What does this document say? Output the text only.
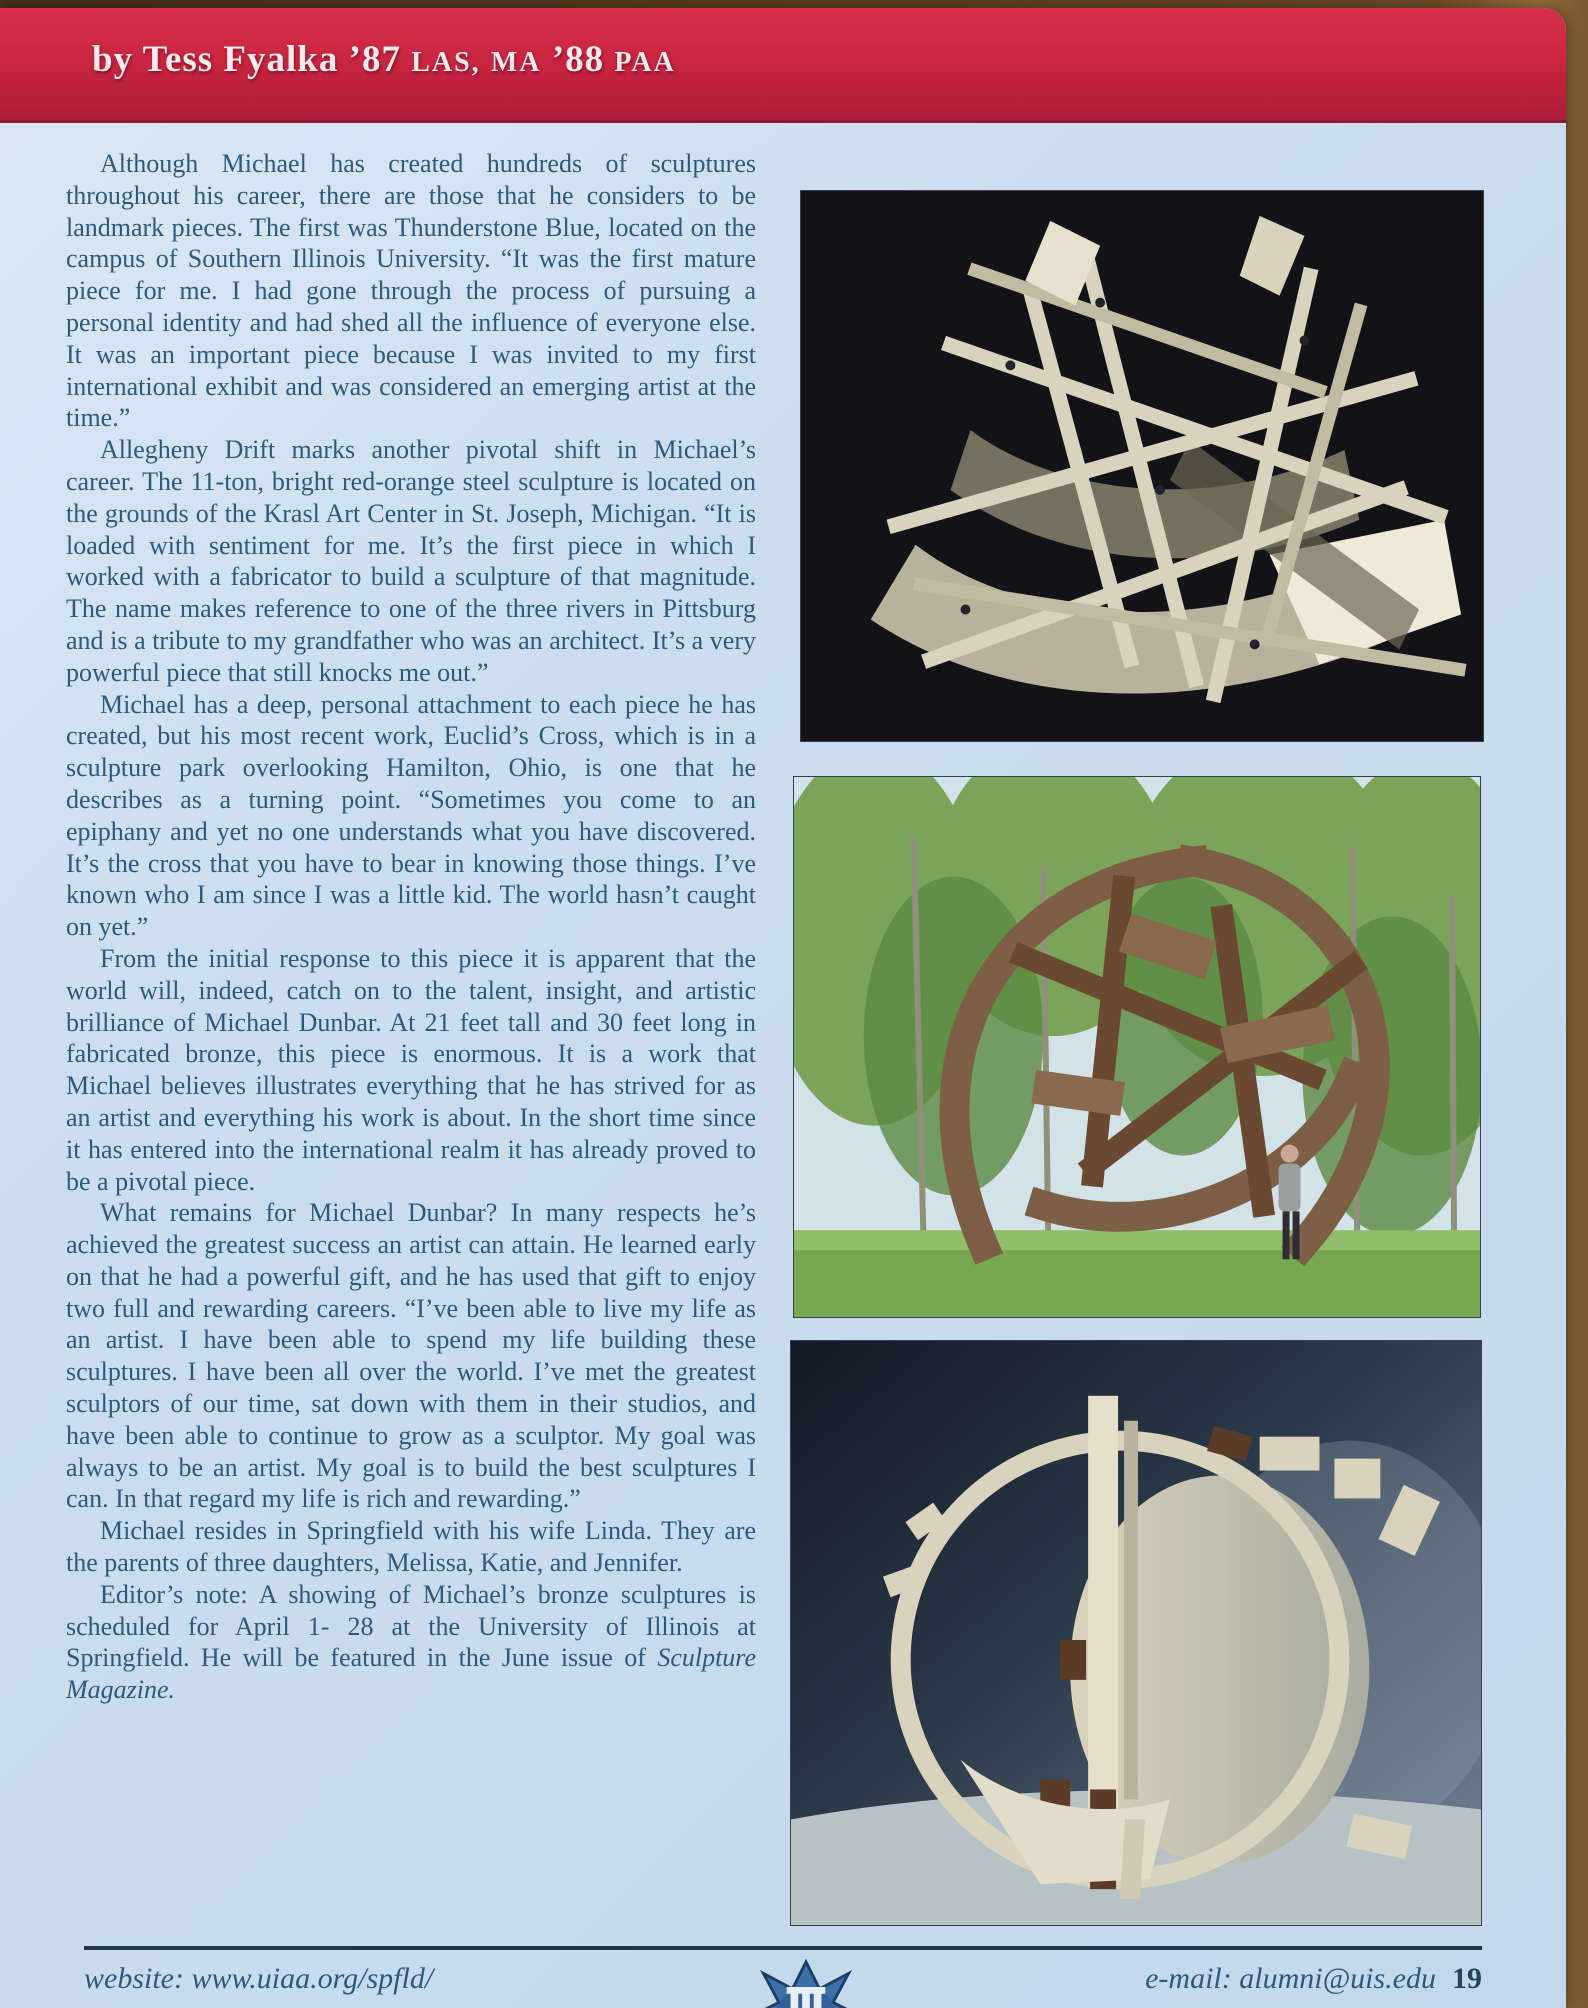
by Tess Fyalka ’87 LAS, MA ’88 PAA

Although Michael has created hundreds of sculptures throughout his career, there are those that he considers to be landmark pieces. The first was Thunderstone Blue, located on the campus of Southern Illinois University. “It was the first mature piece for me. I had gone through the process of pursuing a personal identity and had shed all the influence of everyone else. It was an important piece because I was invited to my first international exhibit and was considered an emerging artist at the time.”

Allegheny Drift marks another pivotal shift in Michael’s career. The 11-ton, bright red-orange steel sculpture is located on the grounds of the Krasl Art Center in St. Joseph, Michigan. “It is loaded with sentiment for me. It’s the first piece in which I worked with a fabricator to build a sculpture of that magnitude. The name makes reference to one of the three rivers in Pittsburg and is a tribute to my grandfather who was an architect. It’s a very powerful piece that still knocks me out.”

Michael has a deep, personal attachment to each piece he has created, but his most recent work, Euclid’s Cross, which is in a sculpture park overlooking Hamilton, Ohio, is one that he describes as a turning point. “Sometimes you come to an epiphany and yet no one understands what you have discovered. It’s the cross that you have to bear in knowing those things. I’ve known who I am since I was a little kid. The world hasn’t caught on yet.”

From the initial response to this piece it is apparent that the world will, indeed, catch on to the talent, insight, and artistic brilliance of Michael Dunbar. At 21 feet tall and 30 feet long in fabricated bronze, this piece is enormous. It is a work that Michael believes illustrates everything that he has strived for as an artist and everything his work is about. In the short time since it has entered into the international realm it has already proved to be a pivotal piece.

What remains for Michael Dunbar? In many respects he’s achieved the greatest success an artist can attain. He learned early on that he had a powerful gift, and he has used that gift to enjoy two full and rewarding careers. “I’ve been able to live my life as an artist. I have been able to spend my life building these sculptures. I have been all over the world. I’ve met the greatest sculptors of our time, sat down with them in their studios, and have been able to continue to grow as a sculptor. My goal was always to be an artist. My goal is to build the best sculptures I can. In that regard my life is rich and rewarding.”

Michael resides in Springfield with his wife Linda. They are the parents of three daughters, Melissa, Katie, and Jennifer.

Editor’s note: A showing of Michael’s bronze sculptures is scheduled for April 1- 28 at the University of Illinois at Springfield. He will be featured in the June issue of Sculpture Magazine.

website: www.uiaa.org/spfld/	e-mail: alumni@uis.edu 19
